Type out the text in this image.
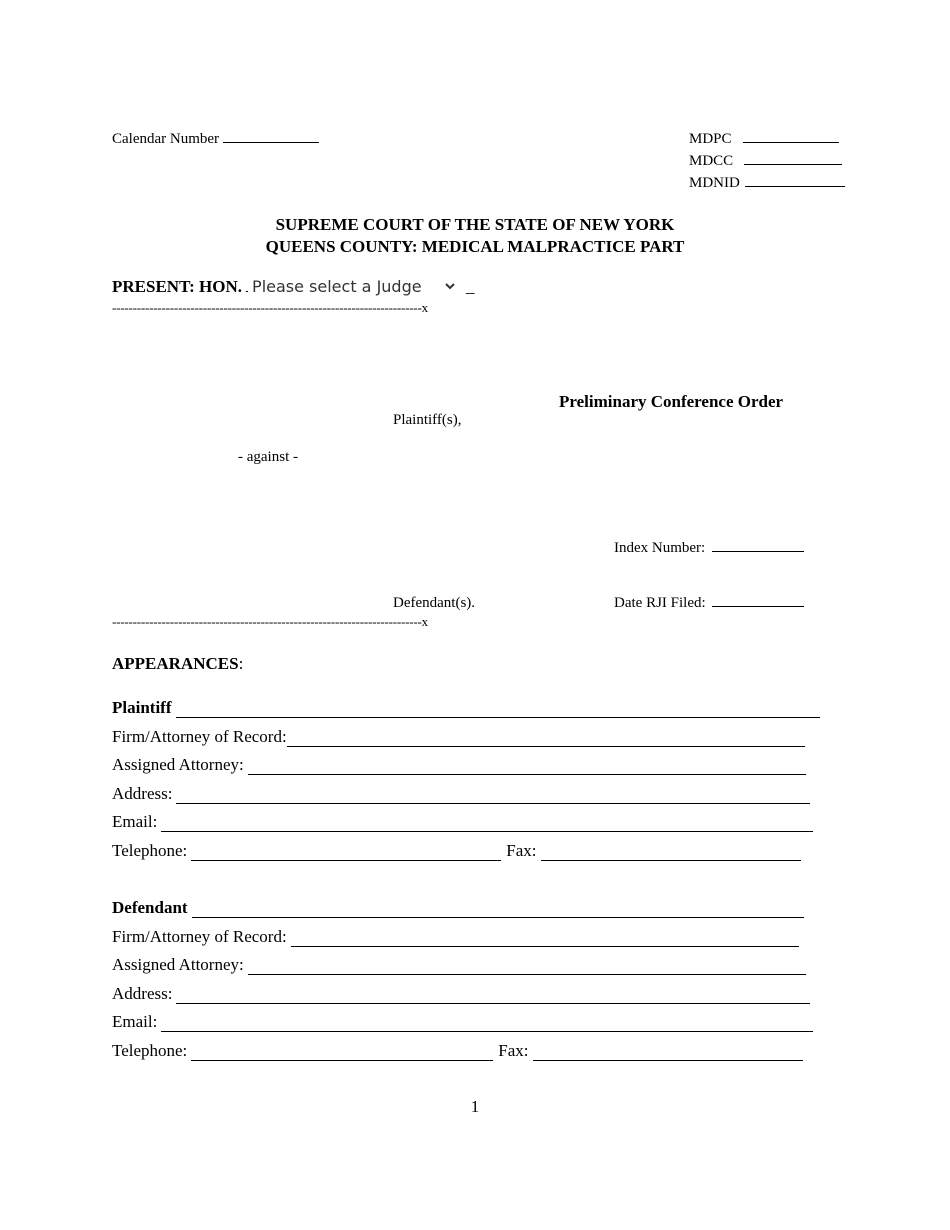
Calendar Number	MDPC
MDCC
MDNID
SUPREME COURT OF THE STATE OF NEW YORK
QUEENS COUNTY: MEDICAL MALPRACTICE PART
PRESENT: HON.
Please select a Judge	_
---------------------------------------------------------------------------x
Preliminary Conference Order
Plaintiff(s),
- against -
Index Number:
Defendant(s).	Date RJI Filed:
---------------------------------------------------------------------------x
APPEARANCES:
Plaintiff
Firm/Attorney of Record:
Assigned Attorney:
Address:
Email:
Telephone:	Fax:
Defendant
Firm/Attorney of Record:
Assigned Attorney:
Address:
Email:
Telephone:	Fax:
1
